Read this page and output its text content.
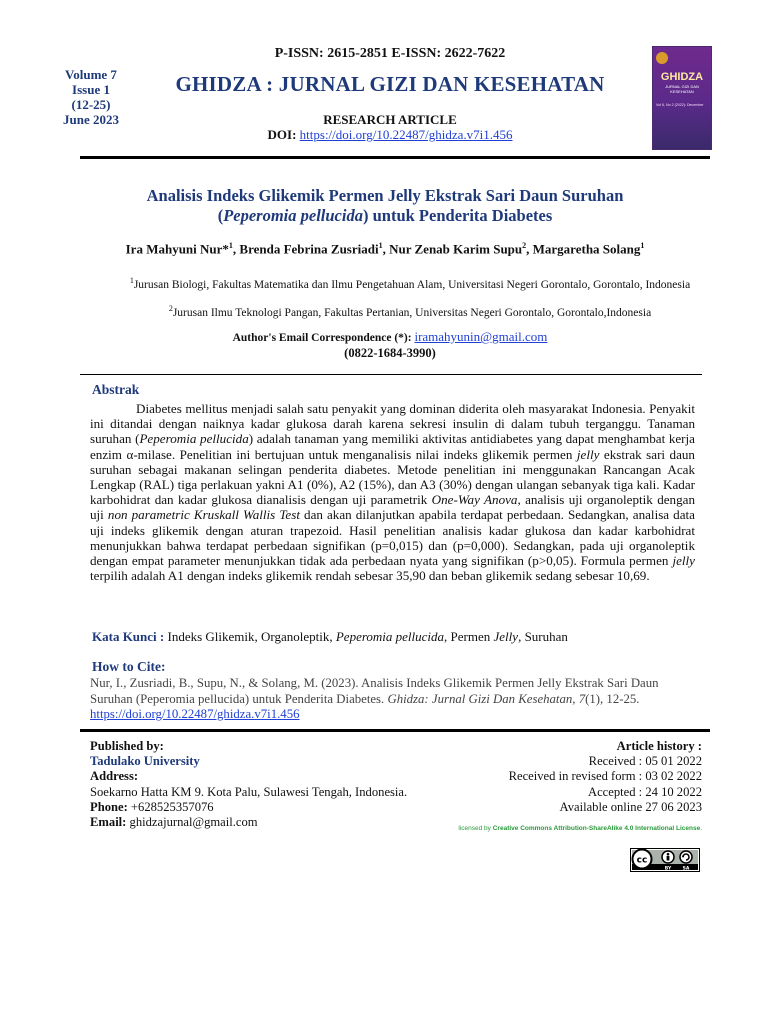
Volume 7
Issue 1
(12-25)
June 2023
P-ISSN: 2615-2851 E-ISSN: 2622-7622
GHIDZA : JURNAL GIZI DAN KESEHATAN
RESEARCH ARTICLE
DOI: https://doi.org/10.22487/ghidza.v7i1.456
GHIDZA
JURNAL GIZI DAN
KESEHATAN
Vol 6, No 2 (2022): December
Analisis Indeks Glikemik Permen Jelly Ekstrak Sari Daun Suruhan
(Peperomia pellucida) untuk Penderita Diabetes
Ira Mahyuni Nur*$^1$, Brenda Febrina Zusriadi$^1$, Nur Zenab Karim Supu$^2$, Margaretha Solang$^1$
$^1$Jurusan Biologi, Fakultas Matematika dan Ilmu Pengetahuan Alam, Universitasi Negeri Gorontalo, Gorontalo, Indonesia
$^2$Jurusan Ilmu Teknologi Pangan, Fakultas Pertanian, Universitas Negeri Gorontalo, Gorontalo,Indonesia
Author's Email Correspondence (*): iramahyunin@gmail.com
(0822-1684-3990)
Abstrak
Diabetes mellitus menjadi salah satu penyakit yang dominan diderita oleh masyarakat Indonesia. Penyakit ini ditandai dengan naiknya kadar glukosa darah karena sekresi insulin di dalam tubuh terganggu. Tanaman suruhan (Peperomia pellucida) adalah tanaman yang memiliki aktivitas antidiabetes yang dapat menghambat kerja enzim α-milase. Penelitian ini bertujuan untuk menganalisis nilai indeks glikemik permen jelly ekstrak sari daun suruhan sebagai makanan selingan penderita diabetes. Metode penelitian ini menggunakan Rancangan Acak Lengkap (RAL) tiga perlakuan yakni A1 (0%), A2 (15%), dan A3 (30%) dengan ulangan sebanyak tiga kali. Kadar karbohidrat dan kadar glukosa dianalisis dengan uji parametrik One-Way Anova, analisis uji organoleptik dengan uji non parametric Kruskall Wallis Test dan akan dilanjutkan apabila terdapat perbedaan. Sedangkan, analisa data uji indeks glikemik dengan aturan trapezoid. Hasil penelitian analisis kadar glukosa dan kadar karbohidrat menunjukkan bahwa terdapat perbedaan signifikan (p=0,015) dan (p=0,000). Sedangkan, pada uji organoleptik dengan empat parameter menunjukkan tidak ada perbedaan nyata yang signifikan (p>0,05). Formula permen jelly terpilih adalah A1 dengan indeks glikemik rendah sebesar 35,90 dan beban glikemik sedang sebesar 10,69.
Kata Kunci : Indeks Glikemik, Organoleptik, Peperomia pellucida, Permen Jelly, Suruhan
How to Cite:
Nur, I., Zusriadi, B., Supu, N., & Solang, M. (2023). Analisis Indeks Glikemik Permen Jelly Ekstrak Sari Daun Suruhan (Peperomia pellucida) untuk Penderita Diabetes. Ghidza: Jurnal Gizi Dan Kesehatan, 7(1), 12-25. https://doi.org/10.22487/ghidza.v7i1.456
Published by:
Tadulako University
Address:
Soekarno Hatta KM 9. Kota Palu, Sulawesi Tengah, Indonesia.
Phone: +628525357076
Email: ghidzajurnal@gmail.com
Article history :
Received : 05 01 2022
Received in revised form : 03 02 2022
Accepted : 24 10 2022
Available online 27 06 2023
licensed by Creative Commons Attribution-ShareAlike 4.0 International License.
cc
BY	SA
